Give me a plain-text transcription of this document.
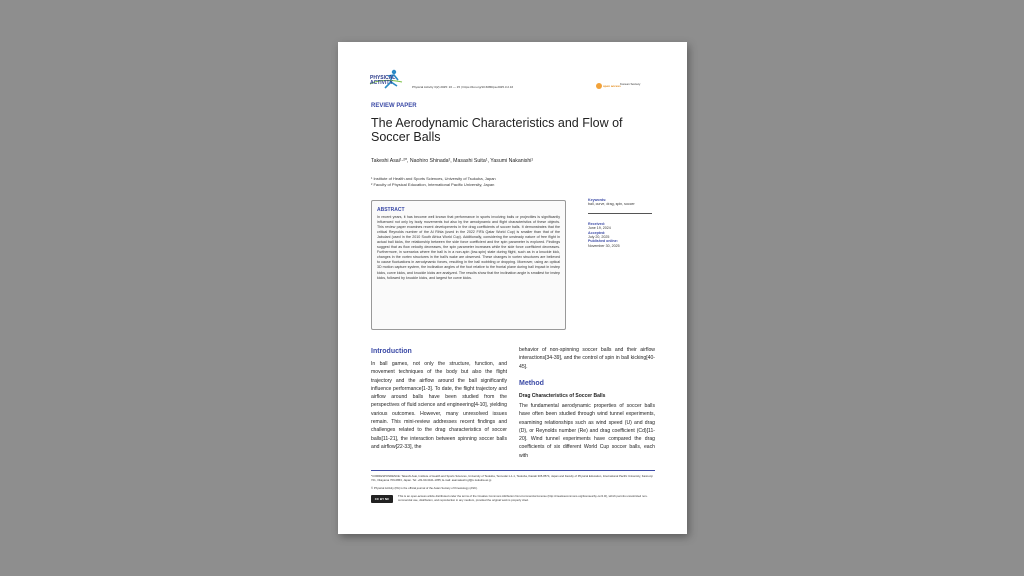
PHYSICAL ACTIVITY
Physical Activity 3(2) 2025: 16 — 15 | https://doi.org/10.6080/pa.2025.3.2.16	open access Korean Society
REVIEW PAPER
The Aerodynamic Characteristics and Flow of Soccer Balls
Takeshi Asai¹·²*, Naohiro Shinada², Masashi Suita¹, Yasumi Nakanishi¹
¹ Institute of Health and Sports Sciences, University of Tsukuba, Japan
² Faculty of Physical Education, International Pacific University, Japan
ABSTRACT
In recent years, it has become well known that performance in sports involving balls or projectiles is significantly influenced not only by body movements but also by the aerodynamic and flight characteristics of these objects. This review paper examines recent developments in the drag coefficients of soccer balls. It demonstrates that the critical Reynolds number of the Al Rihla (used in the 2022 FIFA Qatar World Cup) is smaller than that of the Jabulani (used in the 2010 South Africa World Cup). Additionally, considering the unsteady nature of free flight in actual ball kicks, the relationship between the side force coefficient and the spin parameter is explored. Findings suggest that as flow velocity decreases, the spin parameter increases while the side force coefficient decreases. Furthermore, in scenarios where the ball is in a non-spin (low-spin) state during flight, such as in a knuckle kick, changes in the vortex structures in the ball's wake are observed. These changes in vortex structures are believed to cause fluctuations in aerodynamic forces, resulting in the ball wobbling or dropping. Moreover, using an optical 3D motion capture system, the inclination angles of the foot relative to the frontal plane during ball impact in instep kicks, curve kicks, and knuckle kicks are analyzed. The results show that the inclination angle is smallest for instep kicks, followed by knuckle kicks, and largest for curve kicks.
Keywords:
ball, curve, drag, spin, soccer
Received:
June 19, 2024
Accepted:
July 20, 2025
Published online:
November 30, 2025
Introduction
In ball games, not only the structure, function, and movement techniques of the body but also the flight trajectory and the airflow around the ball significantly influence performance[1-3]. To date, the flight trajectory and airflow around balls have been studied from the perspectives of fluid science and engineering[4-10], yielding various outcomes. However, many unresolved issues remain. This mini-review addresses recent findings and challenges related to the drag characteristics of soccer balls[11-21], the interaction between spinning soccer balls and airflow[22-33], the
behavior of non-spinning soccer balls and their airflow interactions[34-39], and the control of spin in ball kicking[40-45].
Method
Drag Characteristics of Soccer Balls
The fundamental aerodynamic properties of soccer balls have often been studied through wind tunnel experiments, examining relationships such as wind speed (U) and drag (D), or Reynolds number (Re) and drag coefficient (Cd)[11-20]. Wind tunnel experiments have compared the drag coefficients of six different World Cup soccer balls, each with
*CORRESPONDENCE: Takeshi Asai, Institute of Health and Sports Sciences, University of Tsukuba, Tennodai 1-1-1, Tsukuba, Ibaraki 305-8574, Japan and Faculty of Physical Education, International Pacific University, Kannonji 721, Okayama 709-0863, Japan. Tel: +81-90-3441-1055; E-mail: asai.takeshi.gf@u.tsukuba.ac.jp
© Physical Activity (PA) is the official journal of the Asian Society of Kinesiology (ASK).
CC BY NC
This is an open-access article distributed under the terms of the Creative Commons Attribution Non-Commercial License (http://creativecommons.org/licenses/by-nc/4.0/), which permits unrestricted non-commercial use, distribution, and reproduction in any medium, provided the original work is properly cited.
